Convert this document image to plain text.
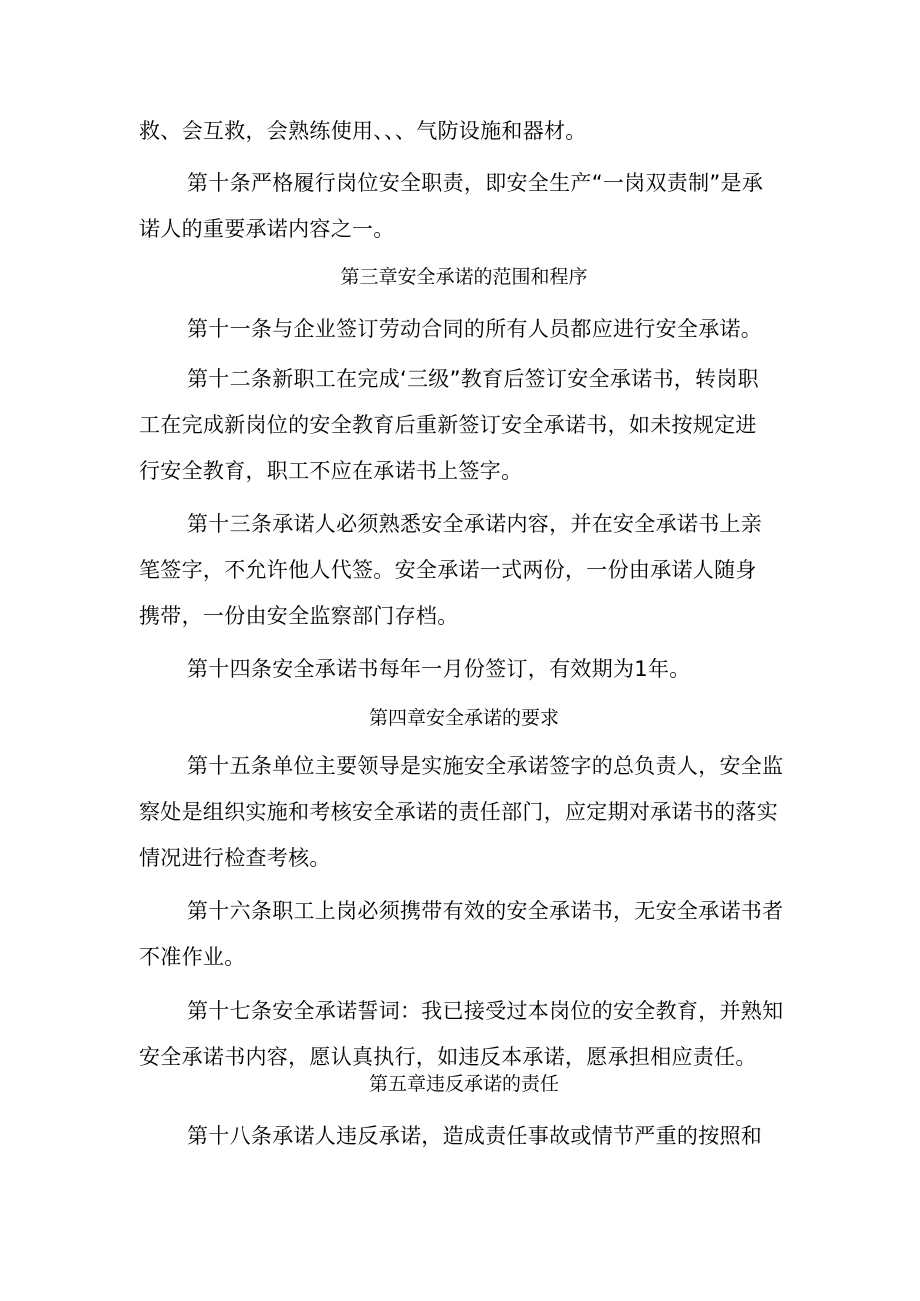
救、会互救，会熟练使用、、、气防设施和器材。

第十条严格履行岗位安全职责，即安全生产“一岗双责制”是承
诺人的重要承诺内容之一。

第三章安全承诺的范围和程序

第十一条与企业签订劳动合同的所有人员都应进行安全承诺。

第十二条新职工在完成‘三级”教育后签订安全承诺书，转岗职
工在完成新岗位的安全教育后重新签订安全承诺书，如未按规定进
行安全教育，职工不应在承诺书上签字。

第十三条承诺人必须熟悉安全承诺内容，并在安全承诺书上亲
笔签字，不允许他人代签。安全承诺一式两份，一份由承诺人随身
携带，一份由安全监察部门存档。

第十四条安全承诺书每年一月份签订，有效期为1年。

第四章安全承诺的要求

第十五条单位主要领导是实施安全承诺签字的总负责人，安全监
察处是组织实施和考核安全承诺的责任部门，应定期对承诺书的落实
情况进行检查考核。

第十六条职工上岗必须携带有效的安全承诺书，无安全承诺书者
不准作业。

第十七条安全承诺誓词：我已接受过本岗位的安全教育，并熟知
安全承诺书内容，愿认真执行，如违反本承诺，愿承担相应责任。

第五章违反承诺的责任

第十八条承诺人违反承诺，造成责任事故或情节严重的按照和
